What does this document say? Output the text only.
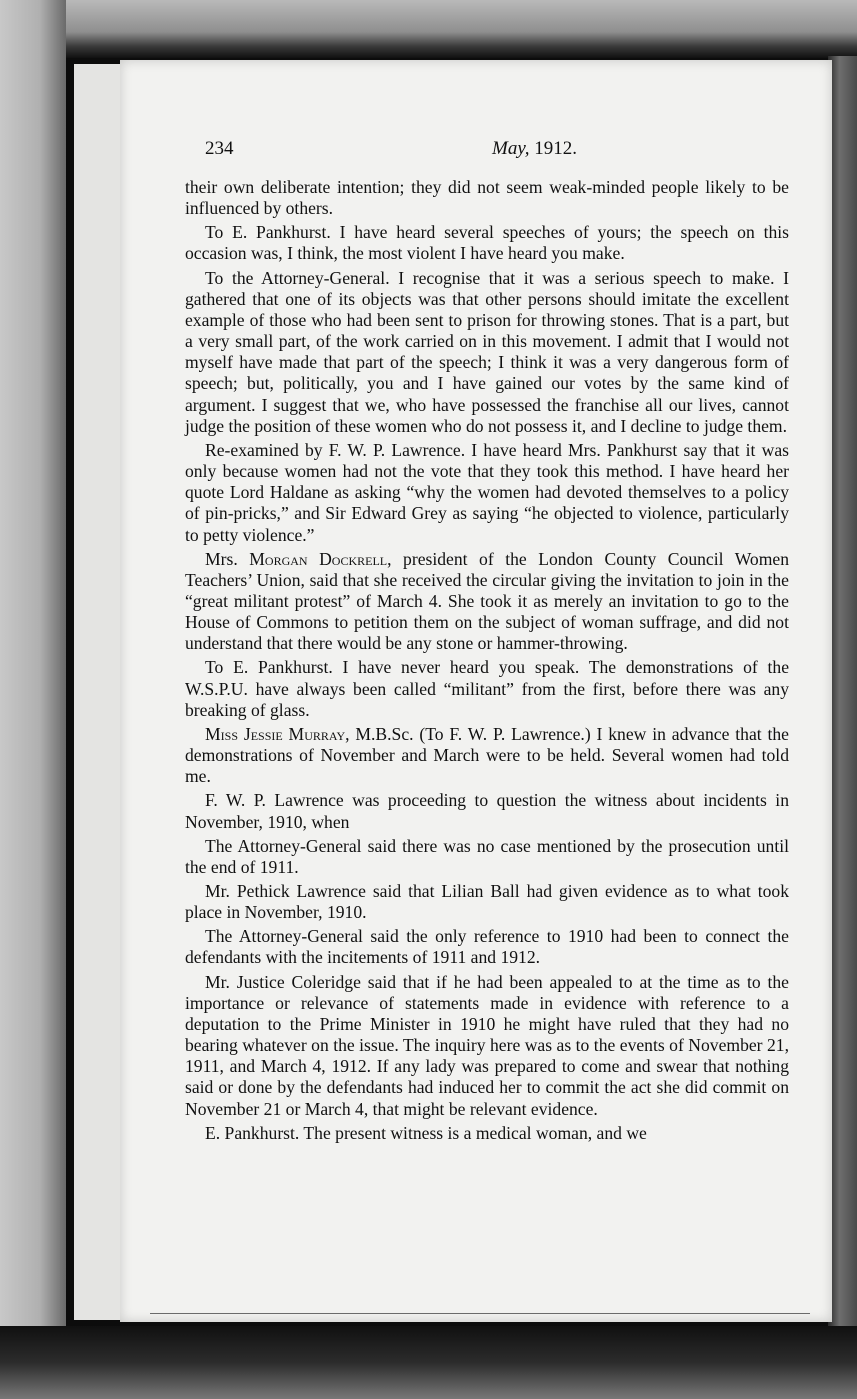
234	May, 1912.

their own deliberate intention; they did not seem weak-minded people likely to be influenced by others.

To E. Pankhurst. I have heard several speeches of yours; the speech on this occasion was, I think, the most violent I have heard you make.

To the Attorney-General. I recognise that it was a serious speech to make. I gathered that one of its objects was that other persons should imitate the excellent example of those who had been sent to prison for throwing stones. That is a part, but a very small part, of the work carried on in this movement. I admit that I would not myself have made that part of the speech; I think it was a very dangerous form of speech; but, politically, you and I have gained our votes by the same kind of argument. I suggest that we, who have possessed the franchise all our lives, cannot judge the position of these women who do not possess it, and I decline to judge them.

Re-examined by F. W. P. Lawrence. I have heard Mrs. Pankhurst say that it was only because women had not the vote that they took this method. I have heard her quote Lord Haldane as asking “why the women had devoted themselves to a policy of pin-pricks,” and Sir Edward Grey as saying “he objected to violence, particularly to petty violence.”

Mrs. Morgan Dockrell, president of the London County Council Women Teachers’ Union, said that she received the circular giving the invitation to join in the “great militant protest” of March 4. She took it as merely an invitation to go to the House of Commons to petition them on the subject of woman suffrage, and did not understand that there would be any stone or hammer-throwing.

To E. Pankhurst. I have never heard you speak. The demonstrations of the W.S.P.U. have always been called “militant” from the first, before there was any breaking of glass.

Miss Jessie Murray, M.B.Sc. (To F. W. P. Lawrence.) I knew in advance that the demonstrations of November and March were to be held. Several women had told me.

F. W. P. Lawrence was proceeding to question the witness about incidents in November, 1910, when

The Attorney-General said there was no case mentioned by the prosecution until the end of 1911.

Mr. Pethick Lawrence said that Lilian Ball had given evidence as to what took place in November, 1910.

The Attorney-General said the only reference to 1910 had been to connect the defendants with the incitements of 1911 and 1912.

Mr. Justice Coleridge said that if he had been appealed to at the time as to the importance or relevance of statements made in evidence with reference to a deputation to the Prime Minister in 1910 he might have ruled that they had no bearing whatever on the issue. The inquiry here was as to the events of November 21, 1911, and March 4, 1912. If any lady was prepared to come and swear that nothing said or done by the defendants had induced her to commit the act she did commit on November 21 or March 4, that might be relevant evidence.

E. Pankhurst. The present witness is a medical woman, and we
